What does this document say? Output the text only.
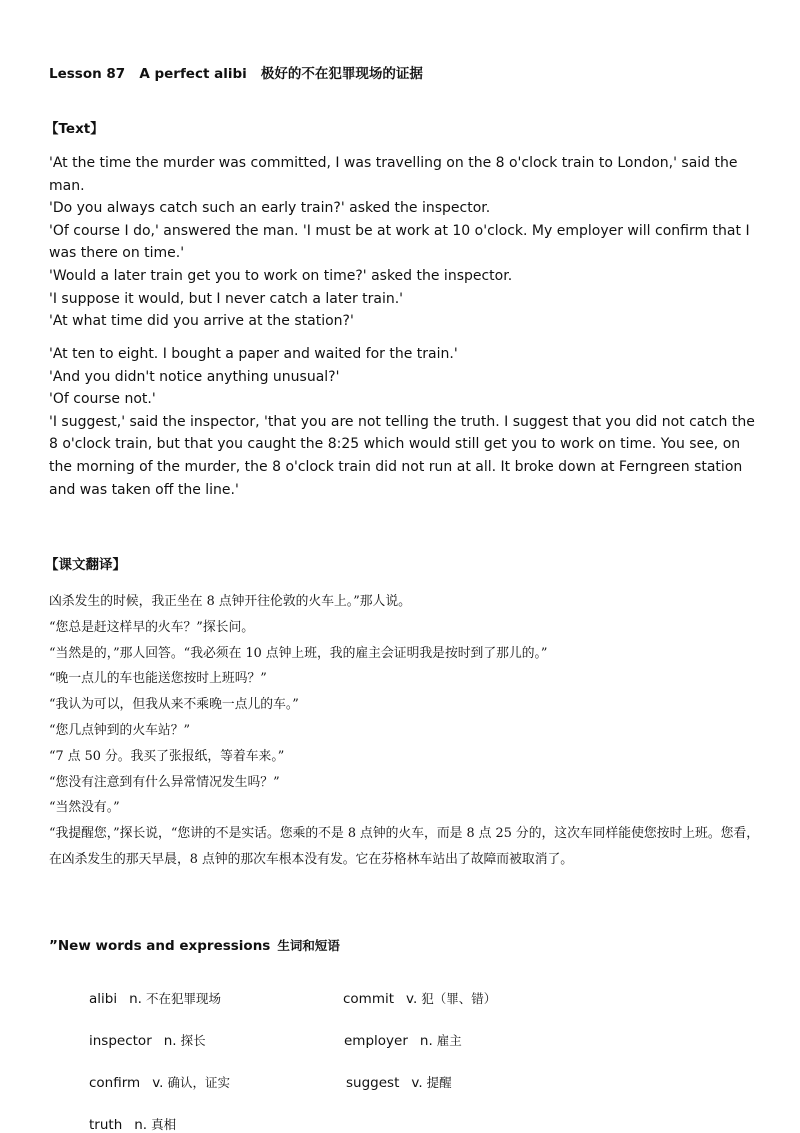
Lesson 87 A perfect alibi 极好的不在犯罪现场的证据
【Text】

'At the time the murder was committed, I was travelling on the 8 o'clock train to London,' said the man.

'Do you always catch such an early train?' asked the inspector.

'Of course I do,' answered the man. 'I must be at work at 10 o'clock. My employer will confirm that I was there on time.'

'Would a later train get you to work on time?' asked the inspector.

'I suppose it would, but I never catch a later train.'

'At what time did you arrive at the station?'

'At ten to eight. I bought a paper and waited for the train.'

'And you didn't notice anything unusual?'

'Of course not.'

'I suggest,' said the inspector, 'that you are not telling the truth. I suggest that you did not catch the 8 o'clock train, but that you caught the 8:25 which would still get you to work on time. You see, on the morning of the murder, the 8 o'clock train did not run at all. It broke down at Ferngreen station and was taken off the line.'

【课文翻译】

凶杀发生的时候，我正坐在 8 点钟开往伦敦的火车上。”那人说。

“您总是赶这样早的火车？”探长问。

“当然是的，”那人回答。“我必须在 10 点钟上班，我的雇主会证明我是按时到了那儿的。”

“晚一点儿的车也能送您按时上班吗？”

“我认为可以，但我从来不乘晚一点儿的车。”

“您几点钟到的火车站？”

“7 点 50 分。我买了张报纸，等着车来。”

“您没有注意到有什么异常情况发生吗？”

“当然没有。”

“我提醒您，”探长说，“您讲的不是实话。您乘的不是 8 点钟的火车，而是 8 点 25 分的，这次车同样能使您按时上班。您看，在凶杀发生的那天早晨，8 点钟的那次车根本没有发。它在芬格林车站出了故障而被取消了。

”New words and expressions 生词和短语
alibi n. 不在犯罪现场	commit v. 犯（罪、错）
inspector n. 探长	employer n. 雇主
confirm v. 确认，证实	suggest v. 提醒
truth n. 真相
